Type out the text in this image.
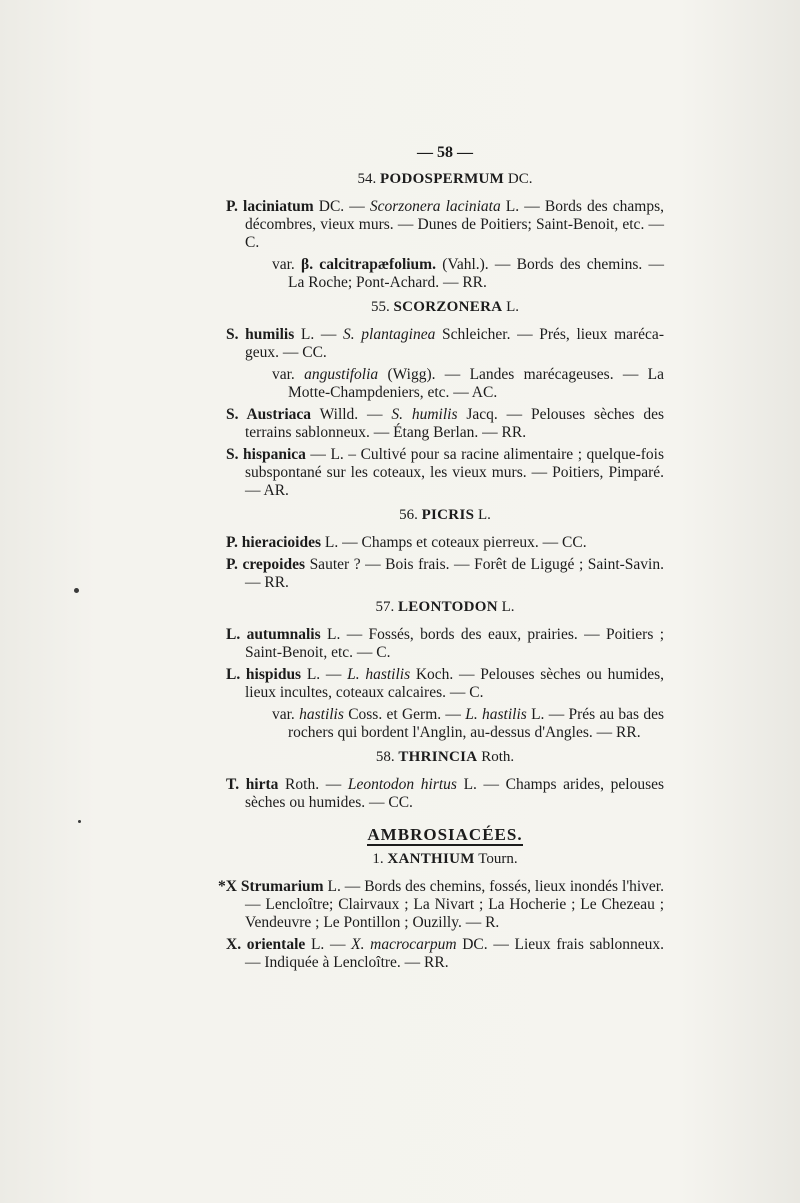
— 58 —
54. PODOSPERMUM DC.

P. laciniatum DC. — Scorzonera laciniata L. — Bords des champs, décombres, vieux murs. — Dunes de Poitiers; Saint-Benoit, etc. — C.

var. β. calcitrapæfolium. (Vahl.). — Bords des chemins. — La Roche; Pont-Achard. — RR.

55. SCORZONERA L.

S. humilis L. — S. plantaginea Schleicher. — Prés, lieux maréca-geux. — CC.

var. angustifolia (Wigg). — Landes marécageuses. — La Motte-Champdeniers, etc. — AC.

S. Austriaca Willd. — S. humilis Jacq. — Pelouses sèches des terrains sablonneux. — Étang Berlan. — RR.

S. hispanica — L. – Cultivé pour sa racine alimentaire ; quelque-fois subspontané sur les coteaux, les vieux murs. — Poitiers, Pimparé. — AR.

56. PICRIS L.

P. hieracioides L. — Champs et coteaux pierreux. — CC.

P. crepoides Sauter ? — Bois frais. — Forêt de Ligugé ; Saint-Savin. — RR.

57. LEONTODON L.

L. autumnalis L. — Fossés, bords des eaux, prairies. — Poitiers ; Saint-Benoit, etc. — C.

L. hispidus L. — L. hastilis Koch. — Pelouses sèches ou humides, lieux incultes, coteaux calcaires. — C.

var. hastilis Coss. et Germ. — L. hastilis L. — Prés au bas des rochers qui bordent l'Anglin, au-dessus d'Angles. — RR.

58. THRINCIA Roth.

T. hirta Roth. — Leontodon hirtus L. — Champs arides, pelouses sèches ou humides. — CC.

AMBROSIACÉES.
1. XANTHIUM Tourn.

*X Strumarium L. — Bords des chemins, fossés, lieux inondés l'hiver. — Lencloître; Clairvaux ; La Nivart ; La Hocherie ; Le Chezeau ; Vendeuvre ; Le Pontillon ; Ouzilly. — R.

X. orientale L. — X. macrocarpum DC. — Lieux frais sablonneux. — Indiquée à Lencloître. — RR.
